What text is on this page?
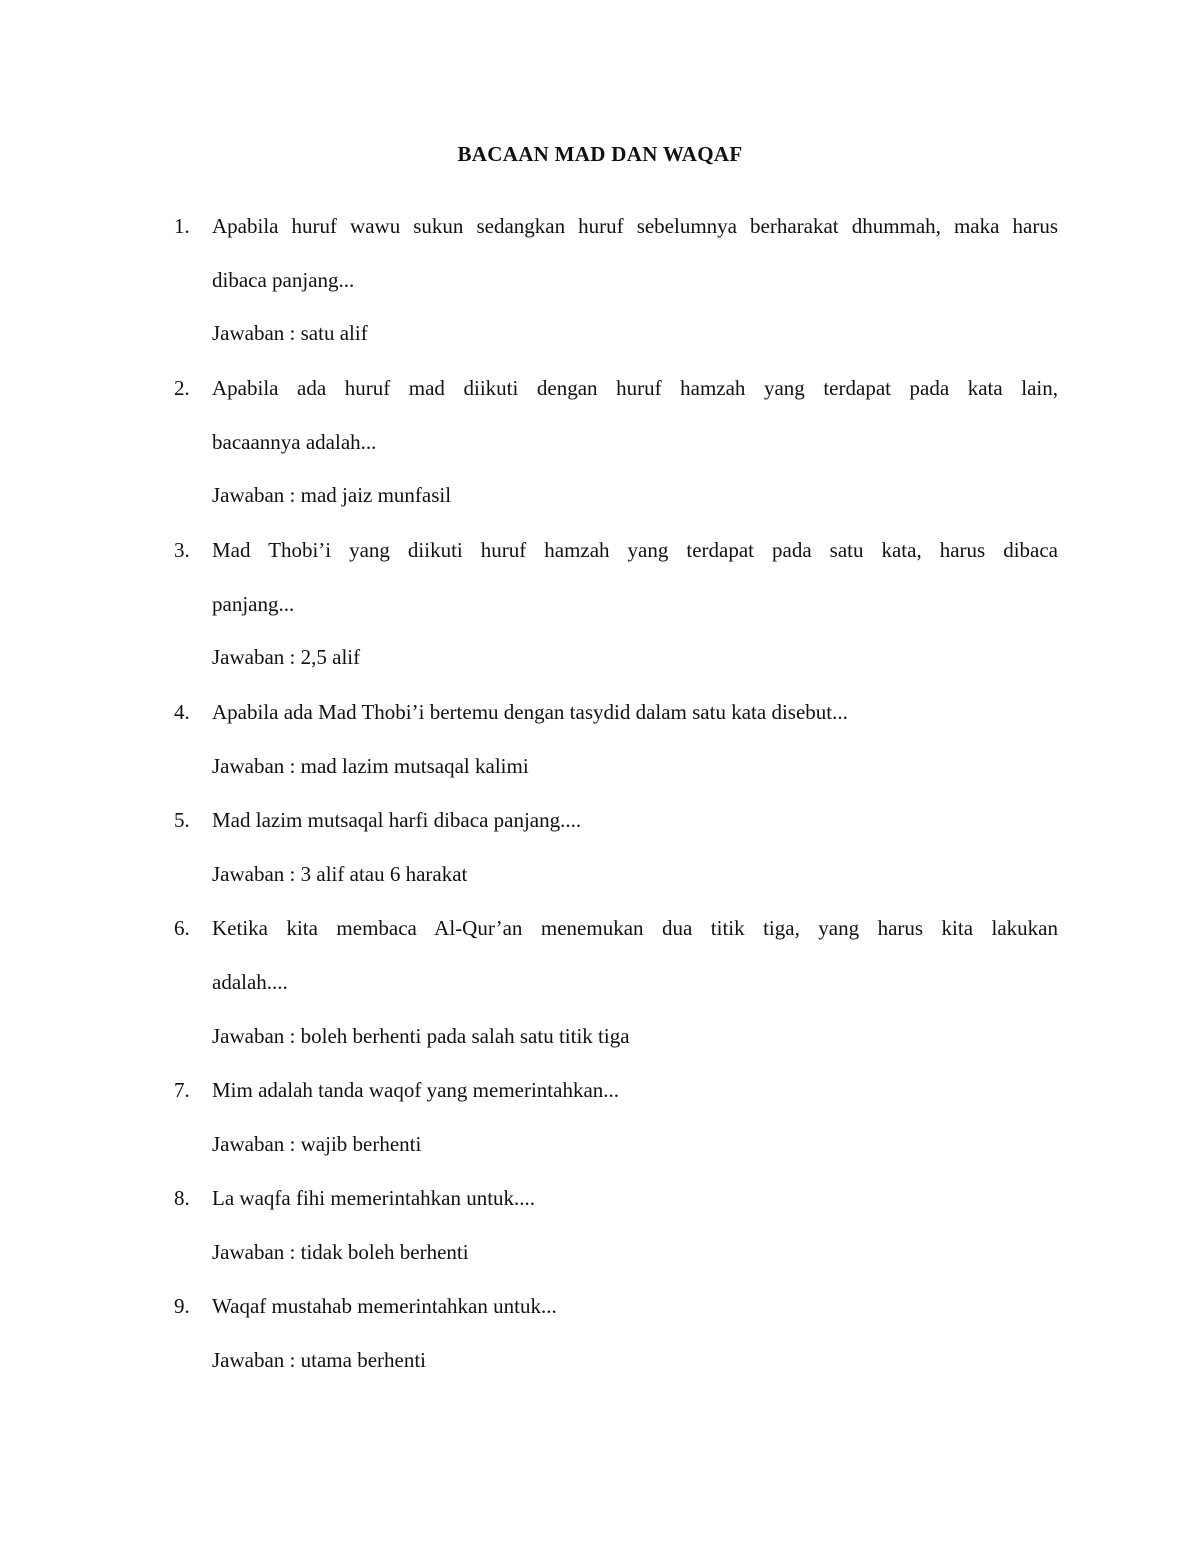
BACAAN MAD DAN WAQAF
1.	Apabila huruf wawu sukun sedangkan huruf sebelumnya berharakat dhummah, maka harus
dibaca panjang...
Jawaban : satu alif
2.	Apabila ada huruf mad diikuti dengan huruf hamzah yang terdapat pada kata lain,
bacaannya adalah...
Jawaban : mad jaiz munfasil
3.	Mad Thobi’i yang diikuti huruf hamzah yang terdapat pada satu kata, harus dibaca
panjang...
Jawaban : 2,5 alif
4.	Apabila ada Mad Thobi’i bertemu dengan tasydid dalam satu kata disebut...
Jawaban : mad lazim mutsaqal kalimi
5.	Mad lazim mutsaqal harfi dibaca panjang....
Jawaban : 3 alif atau 6 harakat
6.	Ketika kita membaca Al-Qur’an menemukan dua titik tiga, yang harus kita lakukan
adalah....
Jawaban : boleh berhenti pada salah satu titik tiga
7.	Mim adalah tanda waqof yang memerintahkan...
Jawaban : wajib berhenti
8.	La waqfa fihi memerintahkan untuk....
Jawaban : tidak boleh berhenti
9.	Waqaf mustahab memerintahkan untuk...
Jawaban : utama berhenti
